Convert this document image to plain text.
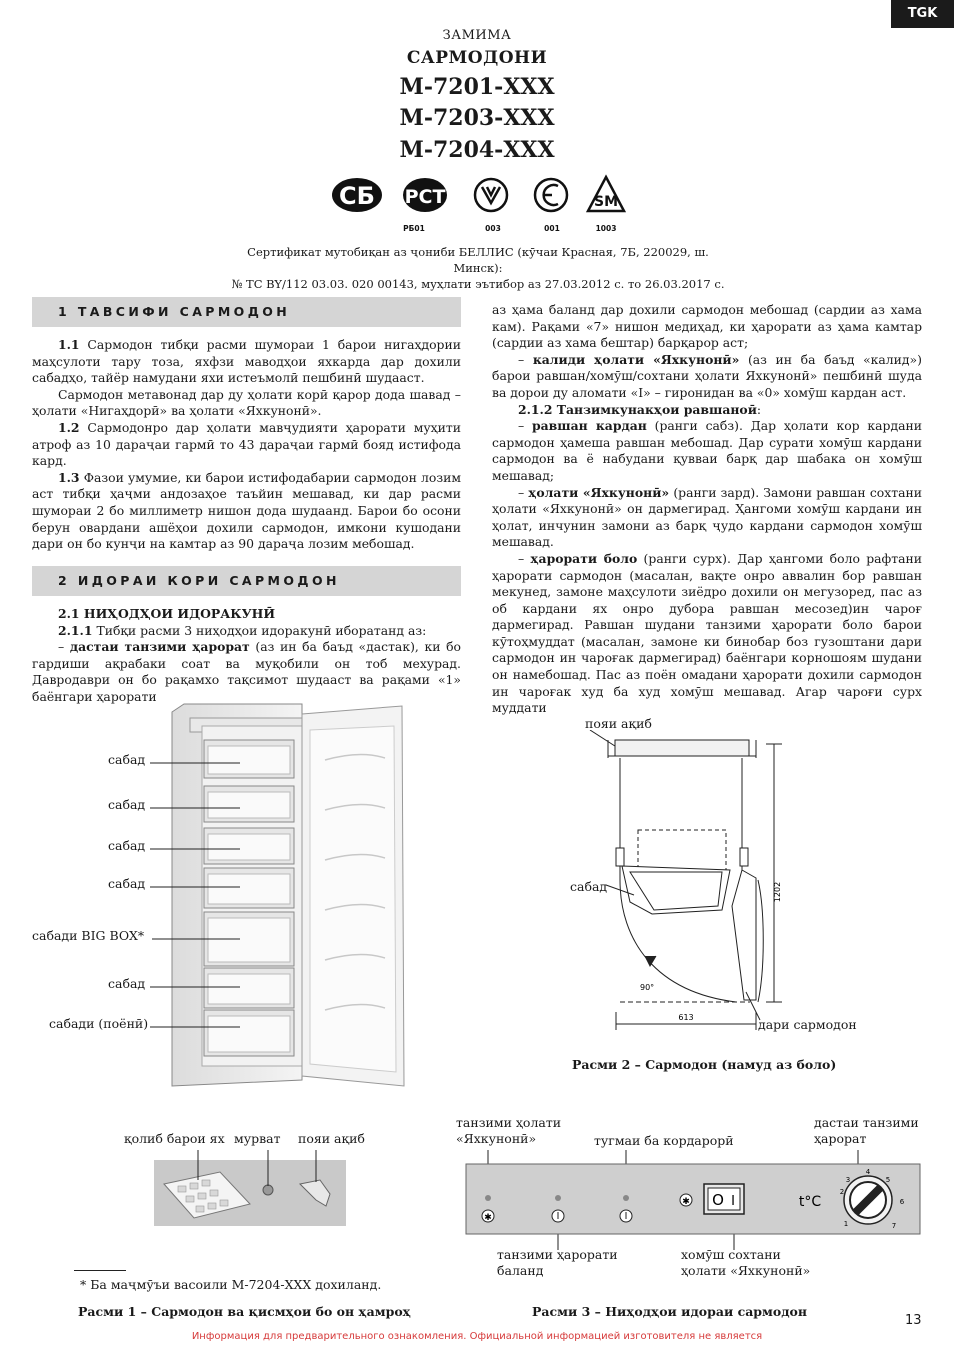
TGK
ЗАМИМА
САРМОДОНИ
М-7201-ХХХ
М-7203-ХХХ
М-7204-ХХХ
СБ РСТ	SM
РБ01	003	001	1003
Сертификат мутобиқан аз ҷониби БЕЛЛИС (кӯчаи Красная, 7Б, 220029, ш. Минск):
№ ТС BY/112 03.03. 020 00143, муҳлати эътибор аз 27.03.2012 с. то 26.03.2017 с.
1 ТАВСИФИ САРМОДОН

1.1 Сармодон тибқи расми шумораи 1 барои нигаҳдории маҳсулоти тару тоза, яхфзи маводҳои яхкарда дар дохили сабадҳо, тайёр намудани яхи истеъмолӣ пешбинӣ шудааст.

Сармодон метавонад дар ду ҳолати корӣ қарор дода шавад – ҳолати «Нигаҳдорӣ» ва ҳолати «Яхкунонӣ».

1.2 Сармодонро дар ҳолати мавҷудияти ҳарорати муҳити атроф аз 10 дараҷаи гармӣ то 43 дараҷаи гармӣ бояд истифода кард.

1.3 Фазои умумие, ки барои истифодабарии сармодон лозим аст тибқи ҳаҷми андозаҳое таъйин мешавад, ки дар расми шумораи 2 бо миллиметр нишон дода шудаанд. Барои бо осони берун овардани ашёҳои дохили сармодон, имкони кушодани дари он бо кунҷи на камтар аз 90 дараҷа лозим мебошад.

2 ИДОРАИ КОРИ САРМОДОН

2.1 НИҲОДҲОИ ИДОРАКУНӢ

2.1.1 Тибқи расми 3 ниҳодҳои идоракунӣ иборатанд аз:

– дастаи танзими ҳарорат (аз ин ба баъд «дастак), ки бо гардиши ақрабаки соат ва муқобили он тоб мехурад. Давродаври он бо рақамхо тақсимот шудааст ва рақами «1» баёнгари ҳарорати

аз ҳама баланд дар дохили сармодон мебошад (сардии аз хама кам). Рақами «7» нишон медиҳад, ки ҳарорати аз ҳама камтар (сардии аз хама бештар) барқарор аст;

– калиди ҳолати «Яхкунонӣ» (аз ин ба баъд «калид») барои равшан/хомӯш/сохтани ҳолати Яхкунонӣ» пешбинӣ шуда ва дорои ду аломати «I» – гиронидан ва «0» хомӯш кардан аст.

2.1.2 Танзимкунакҳои равшаноӣ:

– равшан кардан (ранги сабз). Дар ҳолати кор кардани сармодон ҳамеша равшан мебошад. Дар сурати хомӯш кардани сармодон ва ё набудани қувваи барқ дар шабака он хомӯш мешавад;

– ҳолати «Яхкунонӣ» (ранги зард). Замони равшан сохтани ҳолати «Яхкунонӣ» он дармегирад. Ҳангоми хомӯш кардани ин ҳолат, инчунин замони аз барқ ҷудо кардани сармодон хомӯш мешавад.

– ҳарорати боло (ранги сурх). Дар ҳангоми боло рафтани ҳарорати сармодон (масалан, вақте онро аввалин бор равшан мекунед, замоне маҳсулоти зиёдро дохили он мегузоред, пас аз об кардани ях онро дубора равшан месозед)ин чароғ дармегирад. Равшан шудани танзими ҳарорати боло барои кӯтоҳмуддат (масалан, замоне ки бинобар боз гузоштани дари сармодон ин чароғак дармегирад) баёнгари корношоям шудани он намебошад. Пас аз поён омадани ҳарорати дохили сармодон ин чароғак худ ба худ хомӯш мешавад. Агар чароғи сурх муддати

сабад
сабад
сабад
сабад
сабади BIG BOX*
сабад
сабади (поёнӣ)
қолиб барои ях мурват пояи ақиб
* Ба маҷмӯъи васоили М-7204-ХХХ дохиланд.
Расми 1 – Сармодон ва қисмҳои бо он ҳамроҳ
пояи ақиб
сабад
дари сармодон
1202
613
90°
Расми 2 – Сармодон (намуд аз боло)
танзими ҳолати
«Яхкунонӣ»	тугмаи ба кордарорӣ
дастаи танзими
ҳарорат
танзими ҳарорати
баланд
хомӯш сохтани
ҳолати «Яхкунонӣ»
✱
✱ O I	t°C
1
2
3
4
5
6
7
Расми 3 – Ниҳодҳои идораи сармодон
13
Информация для предварительного ознакомления. Официальной информацией изготовителя не является
